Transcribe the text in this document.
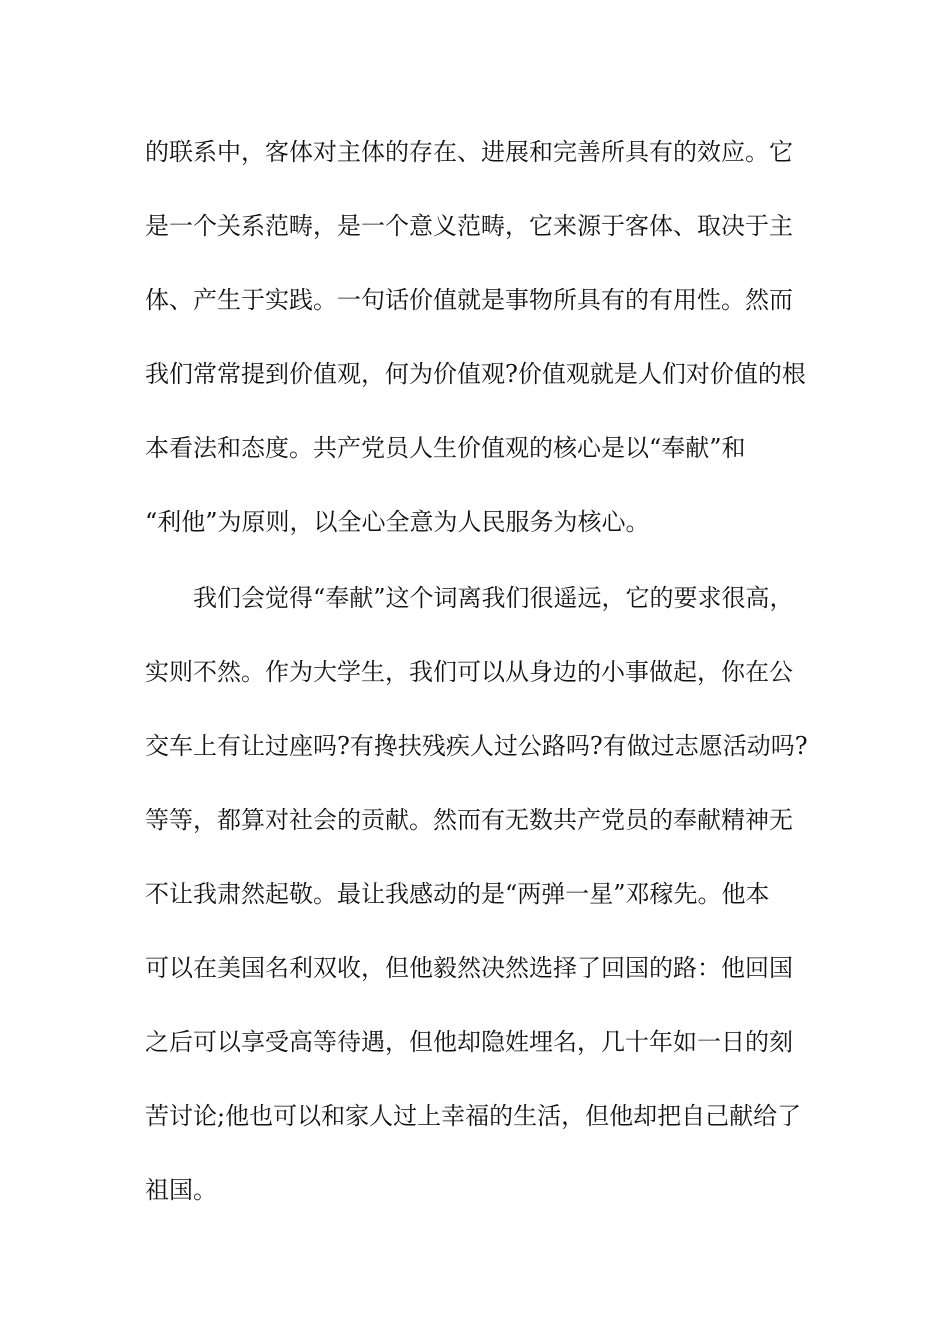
的联系中，客体对主体的存在、进展和完善所具有的效应。它
是一个关系范畴，是一个意义范畴，它来源于客体、取决于主
体、产生于实践。一句话价值就是事物所具有的有用性。然而
我们常常提到价值观，何为价值观?价值观就是人们对价值的根
本看法和态度。共产党员人生价值观的核心是以“奉献”和
“利他”为原则，以全心全意为人民服务为核心。
我们会觉得“奉献”这个词离我们很遥远，它的要求很高，
实则不然。作为大学生，我们可以从身边的小事做起，你在公
交车上有让过座吗?有搀扶残疾人过公路吗?有做过志愿活动吗?
等等，都算对社会的贡献。然而有无数共产党员的奉献精神无
不让我肃然起敬。最让我感动的是“两弹一星”邓稼先。他本
可以在美国名利双收，但他毅然决然选择了回国的路：他回国
之后可以享受高等待遇，但他却隐姓埋名，几十年如一日的刻
苦讨论;他也可以和家人过上幸福的生活，但他却把自己献给了
祖国。
